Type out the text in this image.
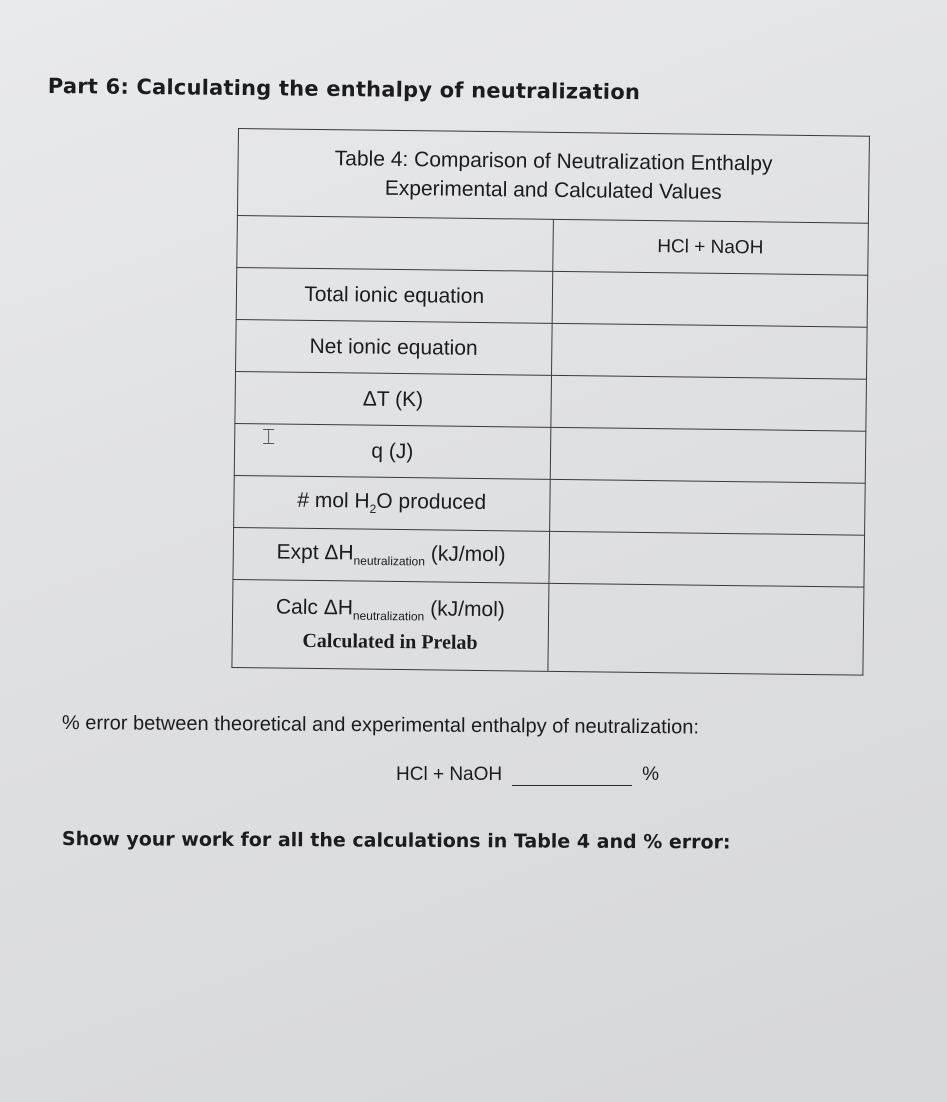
Part 6: Calculating the enthalpy of neutralization
Table 4: Comparison of Neutralization Enthalpy
Experimental and Calculated Values	
	HCl + NaOH
Total ionic equation	
Net ionic equation	
ΔT (K)	
q (J)	
# mol $H_2O$ produced	
Expt $\Delta H_{neutralization}$ (kJ/mol)	
Calc $\Delta H_{neutralization}$ (kJ/mol)
Calculated in Prelab	

⌶
% error between theoretical and experimental enthalpy of neutralization:
HCl + NaOH	%
Show your work for all the calculations in Table 4 and % error:
